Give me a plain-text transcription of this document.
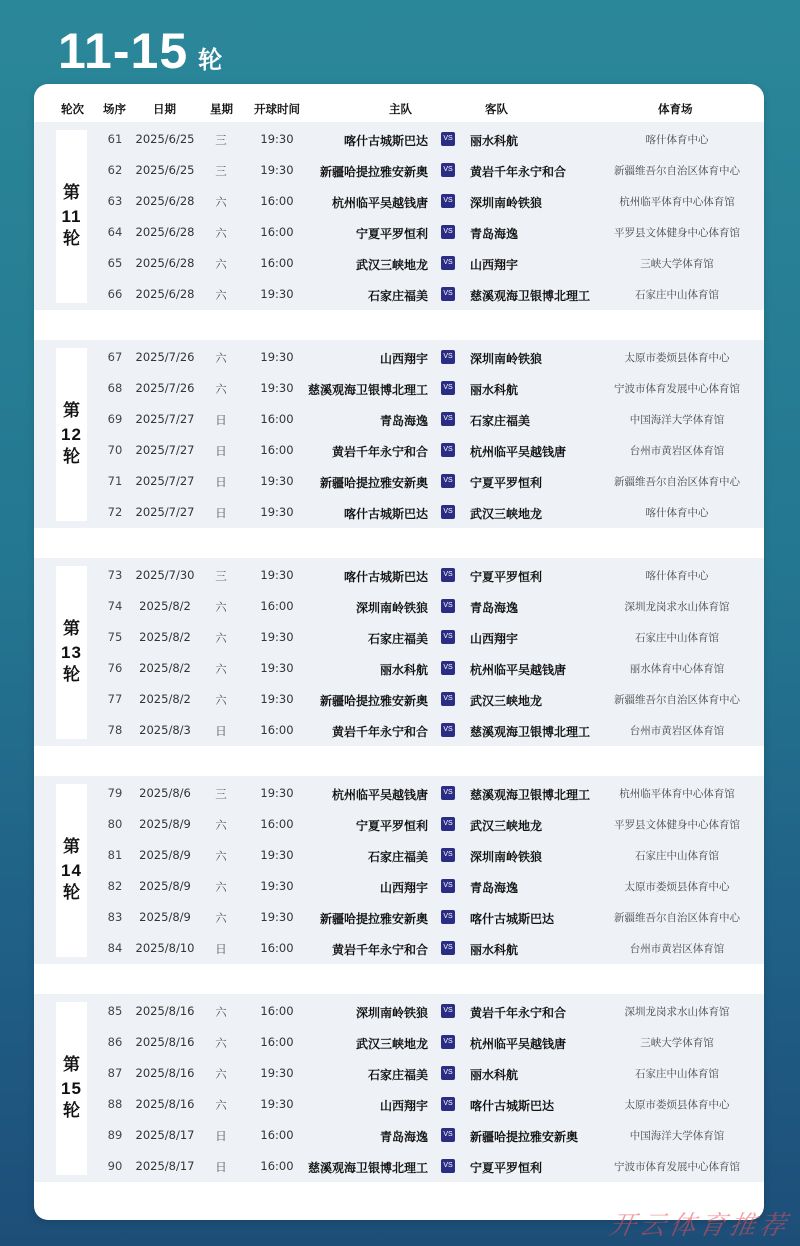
11-15 轮
轮次 场序 日期	星期 开球时间	主队	客队	体育场
第
11
轮
61	2025/6/25	三	19:30	喀什古城斯巴达	VS 丽水科航	喀什体育中心
62	2025/6/25	三	19:30	新疆哈提拉雅安新奥	VS 黄岩千年永宁和合	新疆维吾尔自治区体育中心
63	2025/6/28	六	16:00	杭州临平吴越钱唐	VS 深圳南岭铁狼	杭州临平体育中心体育馆
64	2025/6/28	六	16:00	宁夏平罗恒利	VS 青岛海逸	平罗县文体健身中心体育馆
65	2025/6/28	六	16:00	武汉三峡地龙	VS 山西翔宇	三峡大学体育馆
66	2025/6/28	六	19:30	石家庄福美	VS 慈溪观海卫银博北理工	石家庄中山体育馆
第
12
轮
67	2025/7/26	六	19:30	山西翔宇	VS 深圳南岭铁狼	太原市娄烦县体育中心
68	2025/7/26	六	19:30	慈溪观海卫银博北理工	VS 丽水科航	宁波市体育发展中心体育馆
69	2025/7/27	日	16:00	青岛海逸	VS 石家庄福美	中国海洋大学体育馆
70	2025/7/27	日	16:00	黄岩千年永宁和合	VS 杭州临平吴越钱唐	台州市黄岩区体育馆
71	2025/7/27	日	19:30	新疆哈提拉雅安新奥	VS 宁夏平罗恒利	新疆维吾尔自治区体育中心
72	2025/7/27	日	19:30	喀什古城斯巴达	VS 武汉三峡地龙	喀什体育中心
第
13
轮
73	2025/7/30	三	19:30	喀什古城斯巴达	VS 宁夏平罗恒利	喀什体育中心
74	2025/8/2	六	16:00	深圳南岭铁狼	VS 青岛海逸	深圳龙岗求水山体育馆
75	2025/8/2	六	19:30	石家庄福美	VS 山西翔宇	石家庄中山体育馆
76	2025/8/2	六	19:30	丽水科航	VS 杭州临平吴越钱唐	丽水体育中心体育馆
77	2025/8/2	六	19:30	新疆哈提拉雅安新奥	VS 武汉三峡地龙	新疆维吾尔自治区体育中心
78	2025/8/3	日	16:00	黄岩千年永宁和合	VS 慈溪观海卫银博北理工	台州市黄岩区体育馆
第
14
轮
79	2025/8/6	三	19:30	杭州临平吴越钱唐	VS 慈溪观海卫银博北理工	杭州临平体育中心体育馆
80	2025/8/9	六	16:00	宁夏平罗恒利	VS 武汉三峡地龙	平罗县文体健身中心体育馆
81	2025/8/9	六	19:30	石家庄福美	VS 深圳南岭铁狼	石家庄中山体育馆
82	2025/8/9	六	19:30	山西翔宇	VS 青岛海逸	太原市娄烦县体育中心
83	2025/8/9	六	19:30	新疆哈提拉雅安新奥	VS 喀什古城斯巴达	新疆维吾尔自治区体育中心
84	2025/8/10	日	16:00	黄岩千年永宁和合	VS 丽水科航	台州市黄岩区体育馆
第
15
轮
85	2025/8/16	六	16:00	深圳南岭铁狼	VS 黄岩千年永宁和合	深圳龙岗求水山体育馆
86	2025/8/16	六	16:00	武汉三峡地龙	VS 杭州临平吴越钱唐	三峡大学体育馆
87	2025/8/16	六	19:30	石家庄福美	VS 丽水科航	石家庄中山体育馆
88	2025/8/16	六	19:30	山西翔宇	VS 喀什古城斯巴达	太原市娄烦县体育中心
89	2025/8/17	日	16:00	青岛海逸	VS 新疆哈提拉雅安新奥	中国海洋大学体育馆
90	2025/8/17	日	16:00	慈溪观海卫银博北理工	VS 宁夏平罗恒利	宁波市体育发展中心体育馆
开云体育推荐
